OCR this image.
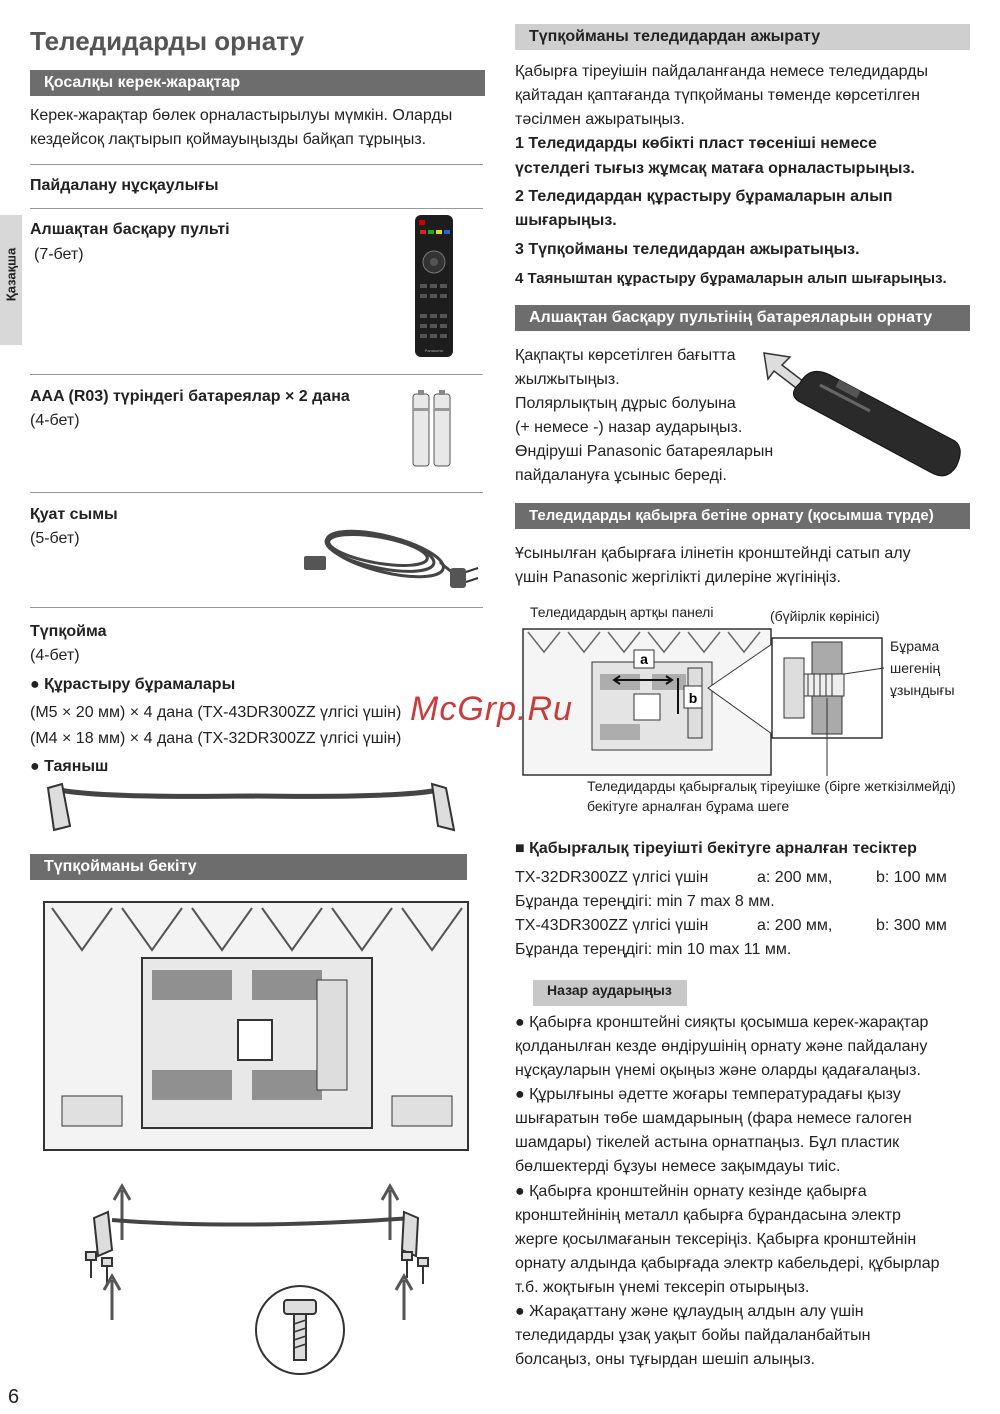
Қазақша
Теледидарды орнату
Қосалқы керек-жарақтар
Керек-жарақтар бөлек орналастырылуы мүмкін. Оларды
кездейсоқ лақтырып қоймауыңызды байқап тұрыңыз.
Пайдалану нұсқаулығы
Алшақтан басқару пульті
(7-бет)
Panasonic
AAA (R03) түріндегі батареялар × 2 дана
(4-бет)
Қуат сымы
(5-бет)
Түпқойма
(4-бет)
● Құрастыру бұрамалары
(M5 × 20 мм) × 4 дана (TX-43DR300ZZ үлгісі үшін)
(M4 × 18 мм) × 4 дана (TX-32DR300ZZ үлгісі үшін)
● Таяныш
Түпқойманы бекіту
Түпқойманы теледидардан ажырату
Қабырға тіреуішін пайдаланғанда немесе теледидарды
қайтадан қаптағанда түпқойманы төменде көрсетілген
тәсілмен ажыратыңыз.
1 Теледидарды көбікті пласт төсеніші немесе
үстелдегі тығыз жұмсақ матаға орналастырыңыз.
2 Теледидардан құрастыру бұрамаларын алып
шығарыңыз.
3 Түпқойманы теледидардан ажыратыңыз.
4 Таяныштан құрастыру бұрамаларын алып шығарыңыз.
Алшақтан басқару пультінің батареяларын орнату
Қақпақты көрсетілген бағытта
жылжытыңыз.
Полярлықтың дұрыс болуына
(+ немесе -) назар аударыңыз.
Өндіруші Panasonic батареяларын
пайдалануға ұсыныс береді.
Теледидарды қабырға бетіне орнату (қосымша түрде)
Ұсынылған қабырғаға ілінетін кронштейнді сатып алу
үшін Panasonic жергілікті дилеріне жүгініңіз.
Теледидардың артқы панелі	(бүйірлік көрінісі)
Бұрама
шегенің
ұзындығы
a
b
Теледидарды қабырғалық тіреуішке (бірге жеткізілмейді)
бекітуге арналған бұрама шеге
■ Қабырғалық тіреуішті бекітуге арналған тесіктер
TX-32DR300ZZ үлгісі үшін	a: 200 мм,	b: 100 мм
Бұранда тереңдігі: min 7 max 8 мм.
TX-43DR300ZZ үлгісі үшін	a: 200 мм,	b: 300 мм
Бұранда тереңдігі: min 10 max 11 мм.
Назар аударыңыз
● Қабырға кронштейні сияқты қосымша керек-жарақтар
қолданылған кезде өндірушінің орнату және пайдалану
нұсқауларын үнемі оқыңыз және оларды қадағалаңыз.
● Құрылғыны әдетте жоғары температурадағы қызу
шығаратын төбе шамдарының (фара немесе галоген
шамдары) тікелей астына орнатпаңыз. Бұл пластик
бөлшектерді бұзуы немесе зақымдауы тиіс.
● Қабырға кронштейнін орнату кезінде қабырға
кронштейнінің металл қабырға бұрандасына электр
жерге қосылмағанын тексеріңіз. Қабырға кронштейнін
орнату алдында қабырғада электр кабельдері, құбырлар
т.б. жоқтығын үнемі тексеріп отырыңыз.
● Жарақаттану және құлаудың алдын алу үшін
теледидарды ұзақ уақыт бойы пайдаланбайтын
болсаңыз, оны тұғырдан шешіп алыңыз.
McGrp.Ru
6
